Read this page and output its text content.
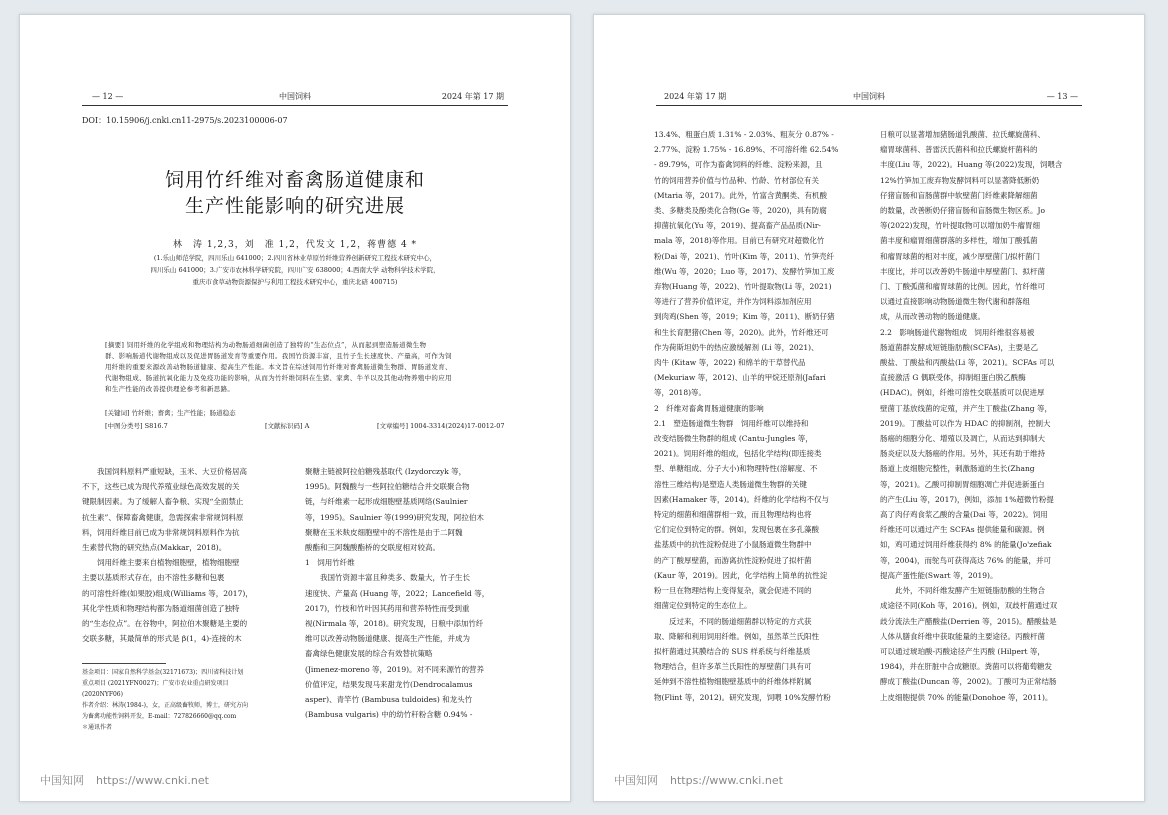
— 12 —	中国饲料	2024 年第 17 期
DOI：10.15906/j.cnki.cn11-2975/s.2023100006-07
饲用竹纤维对畜禽肠道健康和
生产性能影响的研究进展
林　涛 1,2,3，刘　准 1,2，代发文 1,2，蒋曹德 4 *
(1.乐山师范学院，四川乐山 641000；2.四川省林业草原竹纤维营养创新研究工程技术研究中心，
四川乐山 641000；3.广安市农林科学研究院，四川广安 638000；4.西南大学 动物科学技术学院，
重庆市食草动物资源保护与利用工程技术研究中心，重庆北碚 400715)
[摘要] 饲用纤维的化学组成和物理结构为动物肠道细菌创造了独特的“生态位点”，从而起到塑造肠道微生物
群、影响肠道代谢物组成以及促进胃肠道发育等重要作用。我国竹资源丰富，且竹子生长速度快、产量高，可作为饲
用纤维的重要来源改善动物肠道健康、提高生产性能。本文旨在综述饲用竹纤维对畜禽肠道微生物群、胃肠道发育、
代谢物组成、肠道抗氧化能力及免疫功能的影响，从而为竹纤维饲料在生猪、家禽、牛羊以及其他动物养殖中的应用
和生产性能的改善提供理论参考和新思路。
[关键词] 竹纤维；畜禽；生产性能；肠道稳态
[中图分类号] S816.7	[文献标识码] A	[文章编号] 1004-3314(2024)17-0012-07

我国饲料原料严重短缺，玉米、大豆价格居高

不下，这些已成为现代养殖业绿色高效发展的关

键限制因素。为了缓解人畜争粮、实现“全面禁止

抗生素”、保障畜禽健康，急需探索非常规饲料原

料，饲用纤维目前已成为非常规饲料原料作为抗

生素替代物的研究热点(Makkar，2018)。

饲用纤维主要来自植物细胞壁，植物细胞壁

主要以基质形式存在，由不溶性多糖和包裹

的可溶性纤维(如果胶)组成(Williams 等，2017)，

其化学性质和物理结构都为肠道细菌创造了独特

的“生态位点”。在谷物中，阿拉伯木聚糖是主要的

交联多糖，其最简单的形式是 β(1，4)-连接的木

聚糖主链被阿拉伯糖残基取代 (Izydorczyk 等，

1995)。阿魏酸与一些阿拉伯糖结合并交联聚合物

链，与纤维素一起形成细胞壁基质网络(Saulnier

等，1995)。Saulnier 等(1999)研究发现，阿拉伯木

聚糖在玉米麸皮细胞壁中的不溶性是由于二阿魏

酸酯和三阿魏酸酯桥的交联度相对较高。

1　饲用竹纤维

我国竹资源丰富且种类多、数量大，竹子生长

速度快、产量高 (Huang 等，2022；Lancefield 等，

2017)，竹枝和竹叶因其药用和营养特性而受到重

视(Nirmala 等，2018)。研究发现，日粮中添加竹纤

维可以改善动物肠道健康、提高生产性能，并成为

畜禽绿色健康发展的综合有效替抗策略

(Jimenez-moreno 等，2019)。对不同来源竹的营养

价值评定，结果发现马来甜龙竹(Dendrocalamus

asper)、青竿竹 (Bambusa tuldoides) 和龙头竹

(Bambusa vulgaris) 中的幼竹秆粉含糖 0.94% -

基金项目：国家自然科学基金(32171673)；四川省科技计划

重点项目 (2021YFN0027)；广安市农业重点研发项目

(2020NYF06)

作者介绍：林涛(1984-)，女，正高级畜牧师，博士，研究方向

为畜禽功能性饲料开发，E-mail：727826660@qq.com

＊通讯作者

中国知网 https://www.cnki.net
2024 年第 17 期	中国饲料	— 13 —

13.4%、粗蛋白质 1.31% - 2.03%、粗灰分 0.87% -

2.77%、淀粉 1.75% - 16.89%、不可溶纤维 62.54%

- 89.79%，可作为畜禽饲料的纤维、淀粉来源，且

竹的饲用营养价值与竹品种、竹龄、竹材部位有关

(Mtaria 等，2017)。此外，竹富含黄酮类、有机酸

类、多糖类及酚类化合物(Ge 等，2020)，具有防腐

抑菌抗氧化(Yu 等，2019)、提高畜产品品质(Nir-

mala 等，2018)等作用。目前已有研究对超微化竹

粉(Dai 等，2021)、竹叶(Kim 等，2011)、竹笋壳纤

维(Wu 等，2020；Luo 等，2017)、发酵竹笋加工废

弃物(Huang 等，2022)、竹叶提取物(Li 等，2021)

等进行了营养价值评定，并作为饲料添加剂应用

到肉鸡(Shen 等，2019；Kim 等，2011)、断奶仔猪

和生长育肥猪(Chen 等，2020)。此外，竹纤维还可

作为荷斯坦奶牛的热应激缓解剂 (Li 等，2021)、

肉牛 (Kitaw 等，2022) 和绵羊的干草替代品

(Mekuriaw 等，2012)、山羊的甲烷还原剂(Jafari

等，2018)等。

2　纤维对畜禽胃肠道健康的影响

2.1　塑造肠道微生物群　饲用纤维可以维持和

改变结肠微生物群的组成 (Cantu-Jungles 等，

2021)。饲用纤维的组成，包括化学结构(即连接类

型、单糖组成、分子大小)和物理特性(溶解度、不

溶性三维结构)是塑造人类肠道微生物群的关键

因素(Hamaker 等，2014)。纤维的化学结构不仅与

特定的细菌和细菌群相一致，而且物理结构也将

它们定位到特定的群。例如，发现包裹在多孔藻酸

盐基质中的抗性淀粉促进了小鼠肠道微生物群中

的产丁酸厚壁菌，而游离抗性淀粉促进了拟杆菌

(Kaur 等，2019)。因此，化学结构上简单的抗性淀

粉一旦在物理结构上变得复杂，就会促进不同的

细菌定位到特定的生态位上。

反过来，不同的肠道细菌群以特定的方式获

取、降解和利用饲用纤维。例如，虽然革兰氏阳性

拟杆菌通过其膜结合的 SUS 样系统与纤维基质

物理结合，但许多革兰氏阳性的厚壁菌门具有可

延伸到不溶性植物细胞壁基质中的纤维体样附属

物(Flint 等，2012)。研究发现，饲喂 10%发酵竹粉

日粮可以显著增加猪肠道乳酸菌、拉氏螺旋菌科、

瘤胃球菌科、普雷沃氏菌科和拉氏螺旋杆菌科的

丰度(Liu 等，2022)。Huang 等(2022)发现，饲喂含

12%竹笋加工废弃物发酵饲料可以显著降低断奶

仔猪盲肠和盲肠菌群中软壁菌门纤维素降解细菌

的数量，改善断奶仔猪盲肠和盲肠微生物区系。Jo

等(2022)发现，竹叶提取物可以增加奶牛瘤胃细

菌丰度和瘤胃细菌群落的多样性，增加丁酸弧菌

和瘤胃球菌的相对丰度，减少厚壁菌门/拟杆菌门

丰度比，并可以改善奶牛肠道中厚壁菌门、拟杆菌

门、丁酸弧菌和瘤胃球菌的比例。因此，竹纤维可

以通过直接影响动物肠道微生物代谢和群落组

成，从而改善动物的肠道健康。

2.2　影响肠道代谢物组成　饲用纤维很容易被

肠道菌群发酵成短链脂肪酸(SCFAs)，主要是乙

酸盐、丁酸盐和丙酸盐(Li 等，2021)。SCFAs 可以

直接激活 G 偶联受体，抑制组蛋白脱乙酰酶

(HDAC)。例如，纤维可溶性交联基质可以促进厚

壁菌丁基放线菌的定殖，并产生丁酸盐(Zhang 等，

2019)。丁酸盐可以作为 HDAC 的抑制剂，控制大

肠癌的细胞分化、增殖以及凋亡，从而达到抑制大

肠炎症以及大肠癌的作用。另外，其还有助于维持

肠道上皮细胞完整性，刺激肠道的生长(Zhang

等，2021)。乙酸可抑制胃细胞凋亡并促进新蛋白

的产生(Liu 等，2017)，例如，添加 1%超微竹粉提

高了肉仔鸡食浆乙酸的含量(Dai 等，2022)。饲用

纤维还可以通过产生 SCFAs 提供能量和碳源。例

如，鸡可通过饲用纤维获得约 8% 的能量(Jo'zefiak

等，2004)，而鸵鸟可获得高达 76% 的能量，并可

提高产蛋性能(Swart 等，2019)。

此外，不同纤维发酵产生短链脂肪酸的生物合

成途径不同(Koh 等，2016)。例如，双歧杆菌通过双

歧分流法生产醋酸盐(Derrien 等，2015)。醋酸盐是

人体从膳食纤维中获取能量的主要途径。丙酸杆菌

可以通过琥珀酸-丙酸途径产生丙酸 (Hilpert 等，

1984)，并在肝脏中合成糖原。粪菌可以将葡萄糖发

酵成丁酸盐(Duncan 等，2002)。丁酸可为正常结肠

上皮细胞提供 70% 的能量(Donohoe 等，2011)。

中国知网 https://www.cnki.net
